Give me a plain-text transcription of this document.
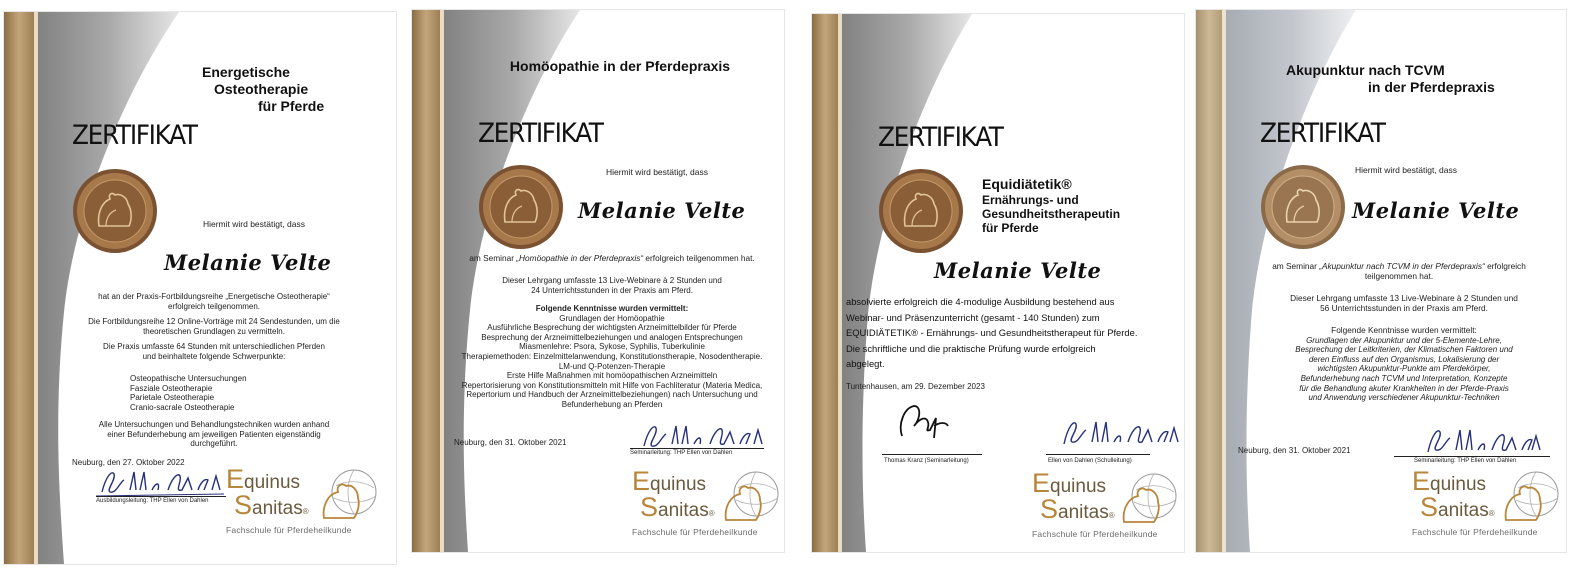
Energetische
Osteotherapie
für Pferde
ZERTIFIKAT
Hiermit wird bestätigt, dass
Melanie Velte
hat an der Praxis-Fortbildungsreihe „Energetische Osteotherapie“
erfolgreich teilgenommen.
Die Fortbildungsreihe 12 Online-Vorträge mit 24 Sendestunden, um die
theoretischen Grundlagen zu vermitteln.
Die Praxis umfasste 64 Stunden mit unterschiedlichen Pferden
und beinhaltete folgende Schwerpunkte:
Osteopathische Untersuchungen
Fasziale Osteotherapie
Parietale Osteotherapie
Cranio-sacrale Osteotherapie
Alle Untersuchungen und Behandlungstechniken wurden anhand
einer Befunderhebung am jeweiligen Patienten eigenständig
durchgeführt.
Neuburg, den 27. Oktober 2022
Ausbildungsleitung: THP Ellen von Dahlen
Equinus
Sanitas®
Fachschule für Pferdeheilkunde
Homöopathie in der Pferdepraxis
ZERTIFIKAT
Hiermit wird bestätigt, dass
Melanie Velte
am Seminar „Homöopathie in der Pferdepraxis“ erfolgreich teilgenommen hat.
Dieser Lehrgang umfasste 13 Live-Webinare à 2 Stunden und
24 Unterrichtsstunden in der Praxis am Pferd.
Folgende Kenntnisse wurden vermittelt:
Grundlagen der Homöopathie
Ausführliche Besprechung der wichtigsten Arzneimittelbilder für Pferde
Besprechung der Arzneimittelbeziehungen und analogen Entsprechungen
Miasmenlehre: Psora, Sykose, Syphilis, Tuberkulinie
Therapiemethoden: Einzelmittelanwendung, Konstitutionstherapie, Nosodentherapie.
LM-und Q-Potenzen-Therapie
Erste Hilfe Maßnahmen mit homöopathischen Arzneimitteln
Repertorisierung von Konstitutionsmitteln mit Hilfe von Fachliteratur (Materia Medica,
Repertorium und Handbuch der Arzneimittelbeziehungen) nach Untersuchung und
Befunderhebung an Pferden
Neuburg, den 31. Oktober 2021
Seminarleitung: THP Ellen von Dahlen
Equinus
Sanitas®
Fachschule für Pferdeheilkunde
ZERTIFIKAT
Equidiätetik®
Ernährungs- und
Gesundheitstherapeutin
für Pferde
Melanie Velte
absolvierte erfolgreich die 4-modulige Ausbildung bestehend aus
Webinar- und Präsenzunterricht (gesamt - 140 Stunden) zum
EQUIDIÄTETIK® - Ernährungs- und Gesundheitstherapeut für Pferde.
Die schriftliche und die praktische Prüfung wurde erfolgreich
abgelegt.
Tuntenhausen, am 29. Dezember 2023
Thomas Kranz (Seminarleitung)	Ellen von Dahlen (Schulleitung)
Equinus
Sanitas®
Fachschule für Pferdeheilkunde
Akupunktur nach TCVM
in der Pferdepraxis
ZERTIFIKAT
Hiermit wird bestätigt, dass
Melanie Velte
am Seminar „Akupunktur nach TCVM in der Pferdepraxis“ erfolgreich
teilgenommen hat.
Dieser Lehrgang umfasste 13 Live-Webinare à 2 Stunden und
56 Unterrichtsstunden in der Praxis am Pferd.
Folgende Kenntnisse wurden vermittelt:
Grundlagen der Akupunktur und der 5-Elemente-Lehre,
Besprechung der Leitkriterien, der Klimatischen Faktoren und
deren Einfluss auf den Organismus, Lokalisierung der
wichtigsten Akupunktur-Punkte am Pferdekörper,
Befunderhebung nach TCVM und Interpretation, Konzepte
für die Behandlung akuter Krankheiten in der Pferde-Praxis
und Anwendung verschiedener Akupunktur-Techniken
Neuburg, den 31. Oktober 2021
Seminarleitung: THP Ellen von Dahlen
Equinus
Sanitas®
Fachschule für Pferdeheilkunde
